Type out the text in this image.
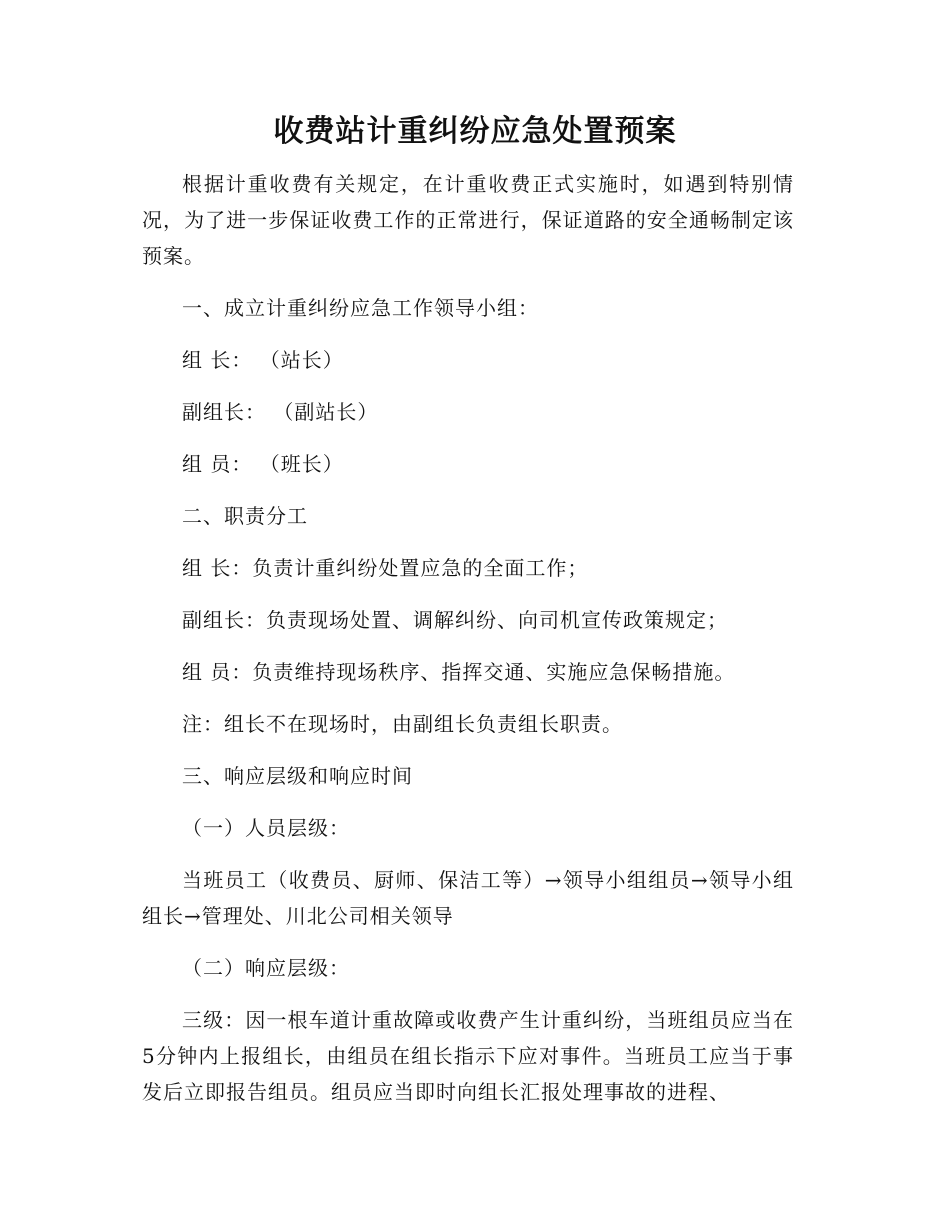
收费站计重纠纷应急处置预案

根据计重收费有关规定，在计重收费正式实施时，如遇到特别情况，为了进一步保证收费工作的正常进行，保证道路的安全通畅制定该预案。

一、成立计重纠纷应急工作领导小组：

组 长： （站长）

副组长： （副站长）

组 员： （班长）

二、职责分工

组 长：负责计重纠纷处置应急的全面工作；

副组长：负责现场处置、调解纠纷、向司机宣传政策规定；

组 员：负责维持现场秩序、指挥交通、实施应急保畅措施。

注：组长不在现场时，由副组长负责组长职责。

三、响应层级和响应时间

（一）人员层级：

当班员工（收费员、厨师、保洁工等）→领导小组组员→领导小组组长→管理处、川北公司相关领导

（二）响应层级：

三级：因一根车道计重故障或收费产生计重纠纷，当班组员应当在5分钟内上报组长，由组员在组长指示下应对事件。当班员工应当于事发后立即报告组员。组员应当即时向组长汇报处理事故的进程、
